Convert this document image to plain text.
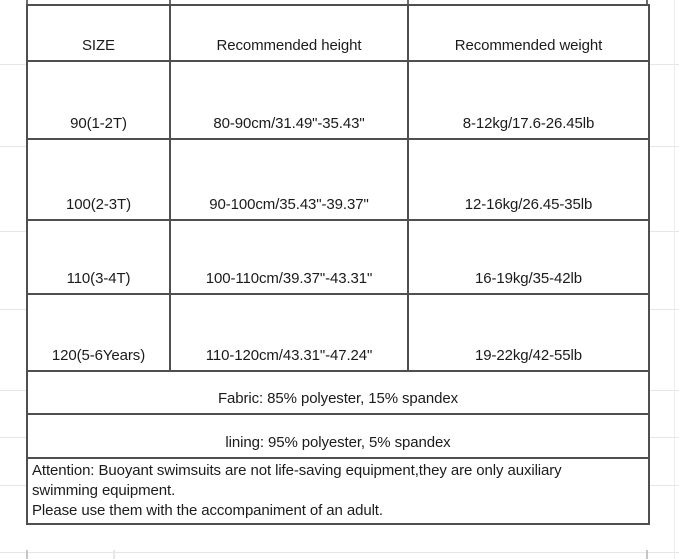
SIZE	Recommended height	Recommended weight
90(1-2T)	80-90cm/31.49"-35.43"	8-12kg/17.6-26.45lb
100(2-3T)	90-100cm/35.43"-39.37"	12-16kg/26.45-35lb
110(3-4T)	100-110cm/39.37"-43.31"	16-19kg/35-42lb
120(5-6Years)	110-120cm/43.31"-47.24"	19-22kg/42-55lb
Fabric: 85% polyester, 15% spandex		
lining: 95% polyester, 5% spandex		

Attention: Buoyant swimsuits are not life-saving equipment,they are only auxiliary
swimming equipment.
Please use them with the accompaniment of an adult.		
